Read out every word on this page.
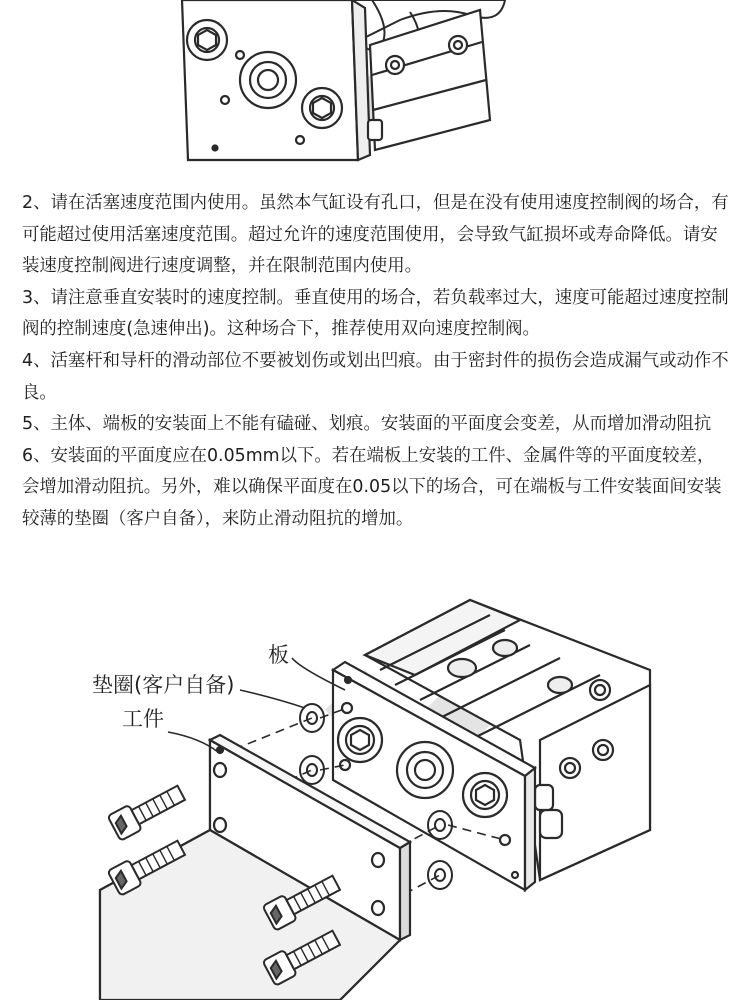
2、请在活塞速度范围内使用。虽然本气缸设有孔口，但是在没有使用速度控制阀的场合，有可能超过使用活塞速度范围。超过允许的速度范围使用，会导致气缸损坏或寿命降低。请安装速度控制阀进行速度调整，并在限制范围内使用。

3、请注意垂直安装时的速度控制。垂直使用的场合，若负载率过大，速度可能超过速度控制阀的控制速度(急速伸出)。这种场合下，推荐使用双向速度控制阀。

4、活塞杆和导杆的滑动部位不要被划伤或划出凹痕。由于密封件的损伤会造成漏气或动作不良。

5、主体、端板的安装面上不能有磕碰、划痕。安装面的平面度会变差，从而增加滑动阻抗

6、安装面的平面度应在0.05mm以下。若在端板上安装的工件、金属件等的平面度较差，会增加滑动阻抗。另外，难以确保平面度在0.05以下的场合，可在端板与工件安装面间安装较薄的垫圈（客户自备），来防止滑动阻抗的增加。

板
垫圈(客户自备)
工件
